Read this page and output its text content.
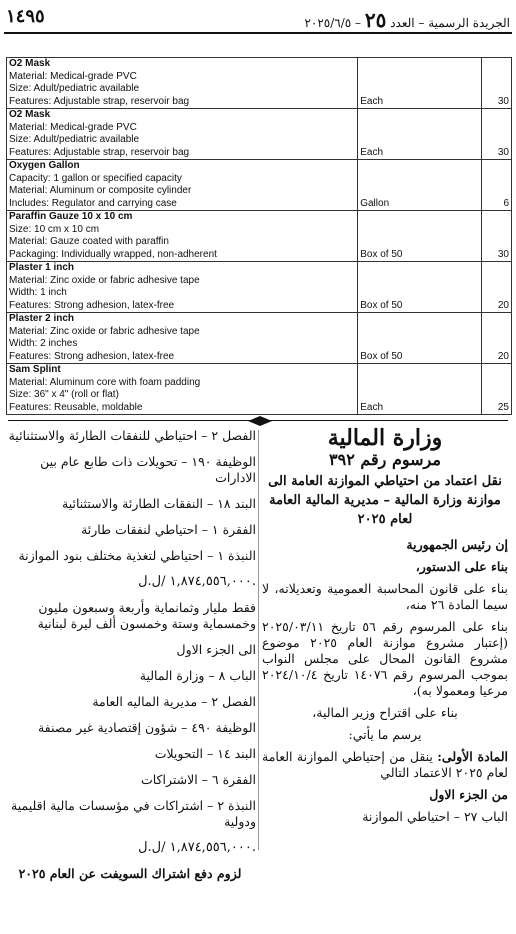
١٤٩٥	الجريدة الرسمية – العدد ٢٥ – ٢٠٢٥/٦/٥
O2 Mask
Material: Medical-grade PVC
Size: Adult/pediatric available
Features: Adjustable strap, reservoir bag	Each	30

O2 Mask
Material: Medical-grade PVC
Size: Adult/pediatric available
Features: Adjustable strap, reservoir bag	Each	30

Oxygen Gallon
Capacity: 1 gallon or specified capacity
Material: Aluminum or composite cylinder
Includes: Regulator and carrying case	Gallon	6

Paraffin Gauze 10 x 10 cm
Size: 10 cm x 10 cm
Material: Gauze coated with paraffin
Packaging: Individually wrapped, non-adherent	Box of 50	30

Plaster 1 inch
Material: Zinc oxide or fabric adhesive tape
Width: 1 inch
Features: Strong adhesion, latex-free	Box of 50	20

Plaster 2 inch
Material: Zinc oxide or fabric adhesive tape
Width: 2 inches
Features: Strong adhesion, latex-free	Box of 50	20

Sam Splint
Material: Aluminum core with foam padding
Size: 36" x 4" (roll or flat)
Features: Reusable, moldable	Each	25
وزارة المالية
مرسوم رقم ٣٩٢
نقل اعتماد من احتياطي الموازنة العامة الى موازنة وزارة المالية – مديرية المالية العامة لعام ٢٠٢٥
إن رئيس الجمهورية
بناء على الدستور،
بناء على قانون المحاسبة العمومية وتعديلاته، لا سيما المادة ٢٦ منه،
بناء على المرسوم رقم ٥٦ تاريخ ٢٠٢٥/٠٣/١١ (إعتبار مشروع موازنة العام ٢٠٢٥ موضوع مشروع القانون المحال على مجلس النواب بموجب المرسوم رقم ١٤٠٧٦ تاريخ ٢٠٢٤/١٠/٤ مرعيا ومعمولا به)،
بناء على اقتراح وزير المالية،
يرسم ما يأتي:
المادة الأولى: ينقل من إحتياطي الموازنة العامة لعام ٢٠٢٥ الاعتماد التالي
من الجزء الاول
الباب ٢٧ – احتياطي الموازنة
الفصل ٢ – احتياطي للنفقات الطارئة والاستثنائية
الوظيفة ١٩٠ – تحويلات ذات طابع عام بين الادارات
البند ١٨ – النفقات الطارئة والاستثنائية
الفقرة ١ – احتياطي لنفقات طارئة
النبذة ١ – احتياطي لتغذية مختلف بنود الموازنة
١,٨٧٤,٥٥٦,٠٠٠ /ل.ل.
فقط مليار وثمانماية وأربعة وسبعون مليون وخمسماية وستة وخمسون ألف ليرة لبنانية
الى الجزء الاول
الباب ٨ – وزارة المالية
الفصل ٢ – مديرية الماليه العامة
الوظيفة ٤٩٠ – شؤون إقتصادية غير مصنفة
البند ١٤ – التحويلات
الفقرة ٦ – الاشتراكات
النبذة ٢ – اشتراكات في مؤسسات مالية اقليمية ودولية
١,٨٧٤,٥٥٦,٠٠٠ /ل.ل.
لزوم دفع اشتراك السويفت عن العام ٢٠٢٥
